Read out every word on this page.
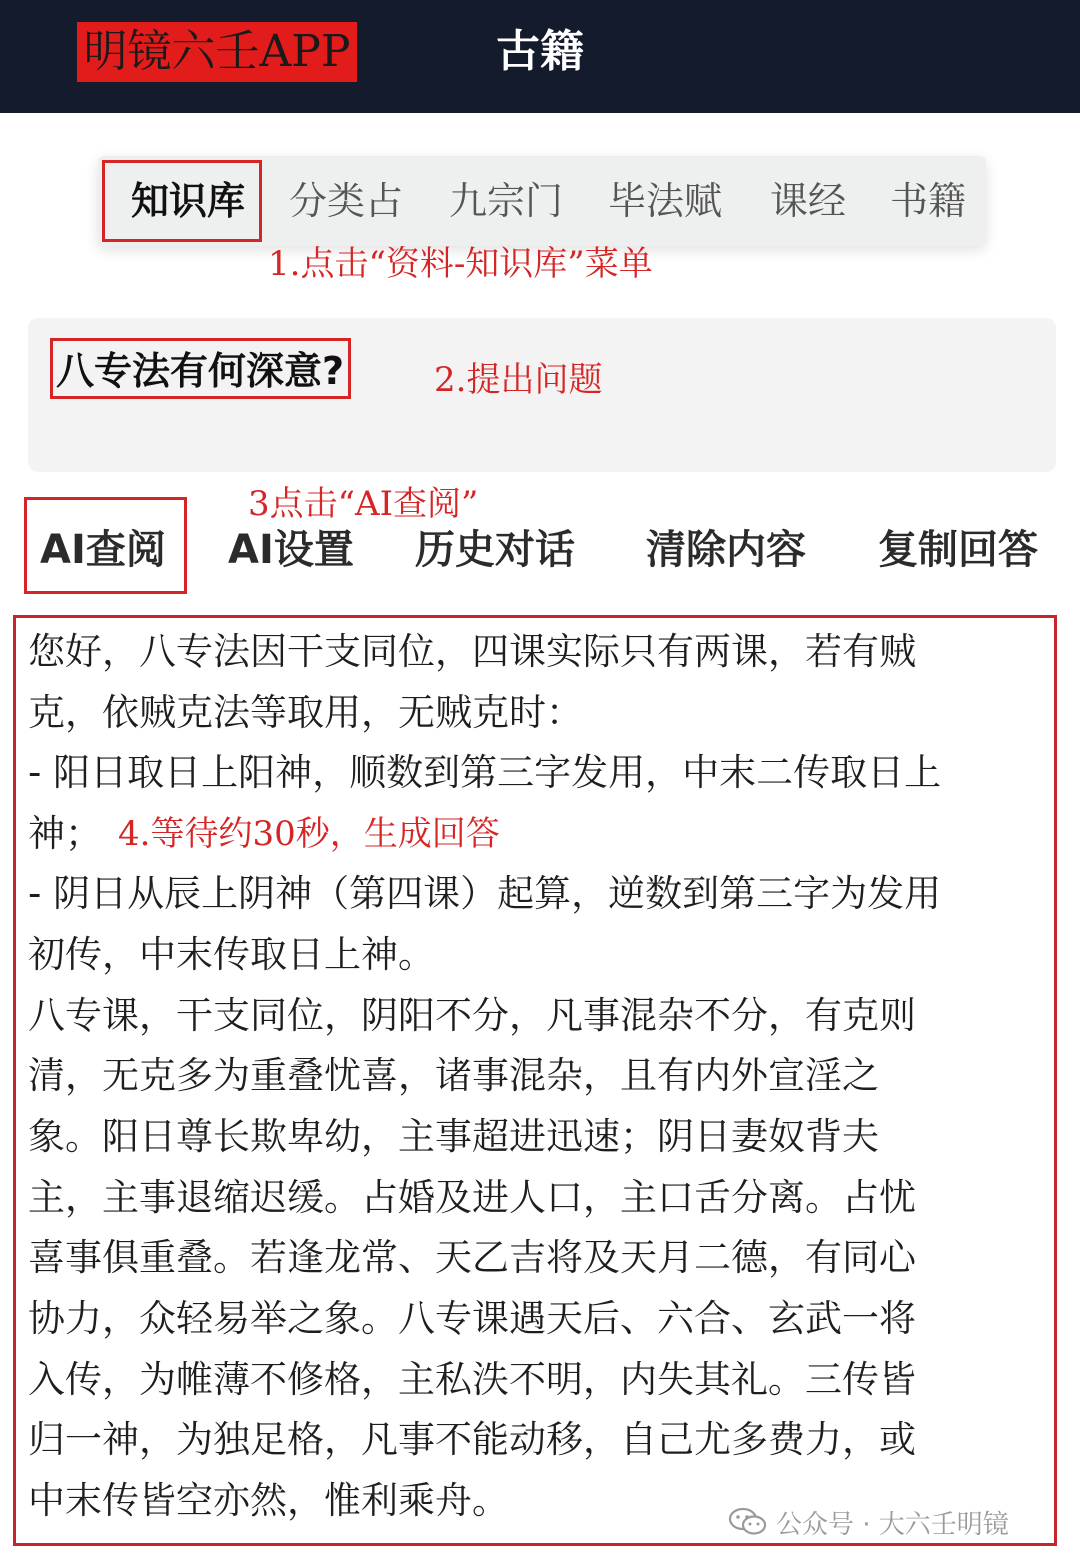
明镜六壬APP	古籍
知识库	分类占	九宗门	毕法赋	课经	书籍
1.点击“资料-知识库”菜单
八专法有何深意?	2.提出问题
3点击“AI查阅”
AI查阅 AI设置 历史对话 清除内容 复制回答
您好，八专法因干支同位，四课实际只有两课，若有贼
克，依贼克法等取用，无贼克时：
- 阳日取日上阳神，顺数到第三字发用，中末二传取日上
神； 4.等待约30秒，生成回答
- 阴日从辰上阴神（第四课）起算，逆数到第三字为发用
初传，中末传取日上神。
八专课，干支同位，阴阳不分，凡事混杂不分，有克则
清，无克多为重叠忧喜，诸事混杂，且有内外宣淫之
象。阳日尊长欺卑幼，主事超进迅速；阴日妻奴背夫
主，主事退缩迟缓。占婚及进人口，主口舌分离。占忧
喜事俱重叠。若逢龙常、天乙吉将及天月二德，有同心
协力，众轻易举之象。八专课遇天后、六合、玄武一将
入传，为帷薄不修格，主私泆不明，内失其礼。三传皆
归一神，为独足格，凡事不能动移，自己尤多费力，或
中末传皆空亦然，惟利乘舟。
公众号 · 大六壬明镜
